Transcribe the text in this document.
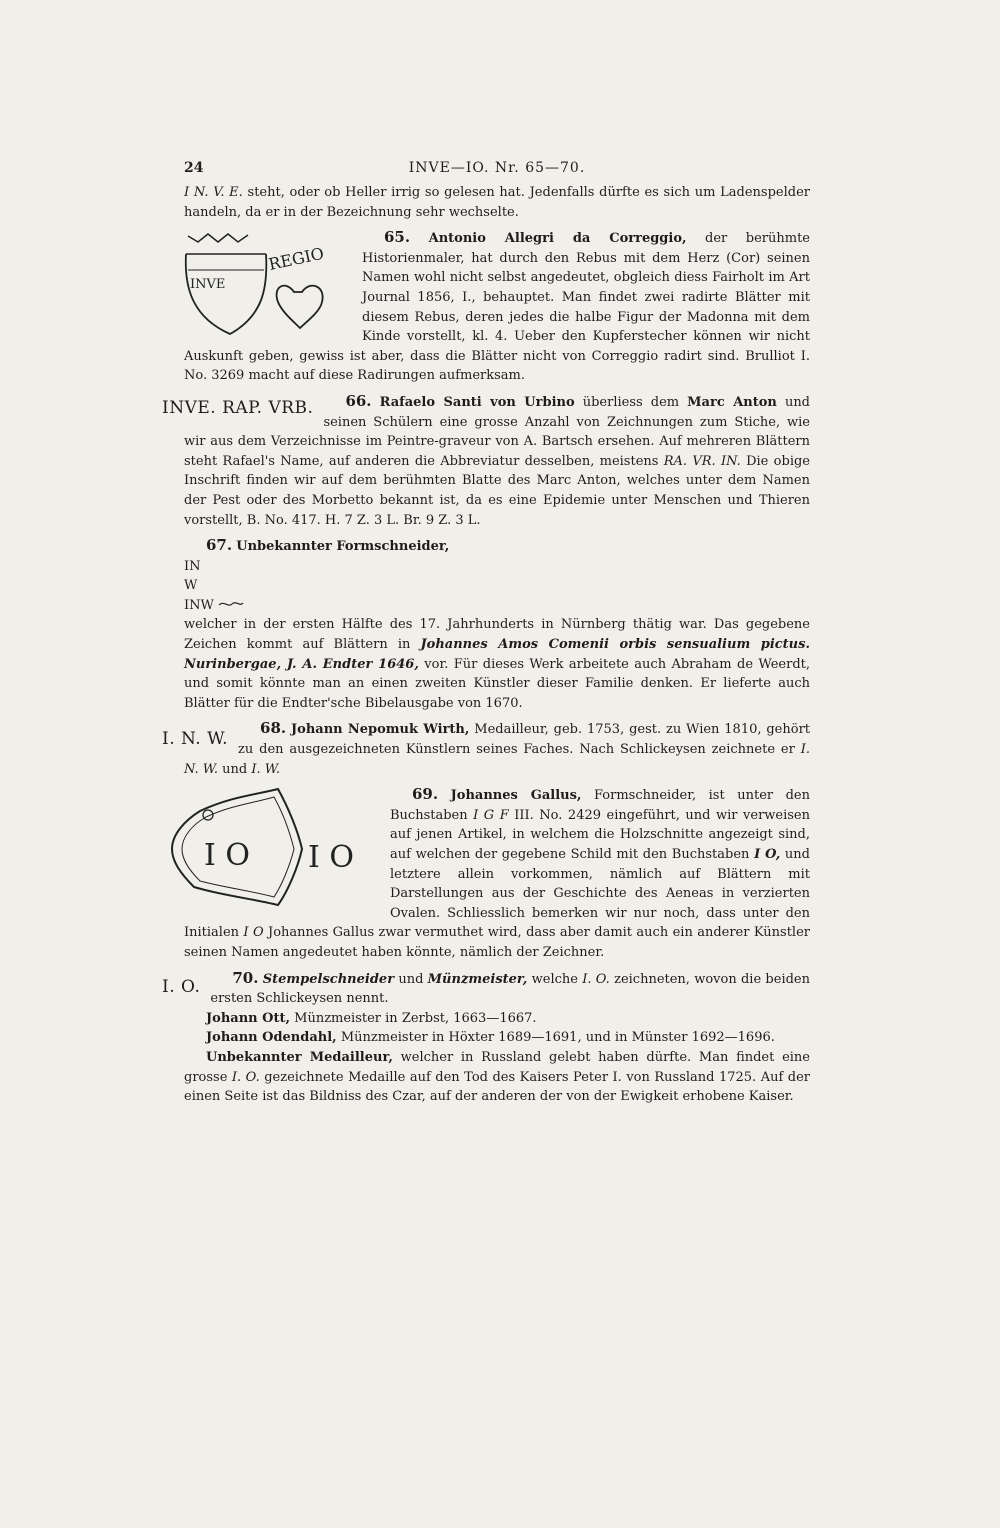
24	INVE—IO. Nr. 65—70.

I N. V. E. steht, oder ob Heller irrig so gelesen hat. Jedenfalls dürfte es sich um Ladenspelder handeln, da er in der Bezeichnung sehr wechselte.

65. Antonio Allegri da Correggio,
INVE
REGIO
der berühmte Historienmaler, hat durch den Rebus mit dem Herz (Cor) seinen Namen wohl nicht selbst angedeutet, obgleich diess Fairholt im Art Journal 1856, I., behauptet. Man findet zwei radirte Blätter mit diesem Rebus, deren jedes die halbe Figur der Madonna mit dem Kinde vorstellt, kl. 4. Ueber den Kupferstecher können wir nicht Auskunft geben, gewiss ist aber, dass die Blätter nicht von Correggio radirt sind. Brulliot I. No. 3269 macht auf diese Radirungen aufmerksam.

66. Rafaelo Santi von Urbino überliess dem Marc Anton
INVE. RAP. VRB.	und seinen Schülern eine grosse Anzahl von Zeichnungen zum Stiche, wie wir aus dem Verzeichnisse im Peintre-graveur von A. Bartsch ersehen. Auf mehreren Blättern steht Rafael's Name, auf anderen die Abbreviatur desselben, meistens RA. VR. IN. Die obige Inschrift finden wir auf dem berühmten Blatte des Marc Anton, welches unter dem Namen der Pest oder des Morbetto bekannt ist, da es eine Epidemie unter Menschen und Thieren vorstellt, B. No. 417. H. 7 Z. 3 L. Br. 9 Z. 3 L.

67. Unbekannter Formschneider,

IN
W
INW
welcher in der ersten Hälfte des 17. Jahrhunderts in Nürnberg thätig war. Das gegebene Zeichen kommt auf Blättern in Johannes Amos Comenii orbis sensualium pictus. Nurinbergae, J. A. Endter 1646, vor. Für dieses Werk arbeitete auch Abraham de Weerdt, und somit könnte man an einen zweiten Künstler dieser Familie denken. Er lieferte auch Blätter für die Endter'sche Bibelausgabe von 1670.

68. Johann Nepomuk Wirth,
I. N. W.	Medailleur, geb. 1753, gest. zu Wien 1810, gehört zu den ausgezeichneten Künstlern seines Faches. Nach Schlickeysen zeichnete er I. N. W. und I. W.

69. Johannes Gallus,
I O I O
Formschneider, ist unter den Buchstaben I G F III. No. 2429 eingeführt, und wir verweisen auf jenen Artikel, in welchem die Holzschnitte angezeigt sind, auf welchen der gegebene Schild mit den Buchstaben I O, und letztere allein vorkommen, nämlich auf Blättern mit Darstellungen aus der Geschichte des Aeneas in verzierten Ovalen. Schliesslich bemerken wir nur noch, dass unter den Initialen I O Johannes Gallus zwar vermuthet wird, dass aber damit auch ein anderer Künstler seinen Namen angedeutet haben könnte, nämlich der Zeichner.

70. Stempelschneider und Münzmeister, welche I. O.
I. O.	zeichneten, wovon die beiden ersten Schlickeysen nennt.

Johann Ott, Münzmeister in Zerbst, 1663—1667.

Johann Odendahl, Münzmeister in Höxter 1689—1691, und in Münster 1692—1696.

Unbekannter Medailleur, welcher in Russland gelebt haben dürfte. Man findet eine grosse I. O. gezeichnete Medaille auf den Tod des Kaisers Peter I. von Russland 1725. Auf der einen Seite ist das Bildniss des Czar, auf der anderen der von der Ewigkeit erhobene Kaiser.
